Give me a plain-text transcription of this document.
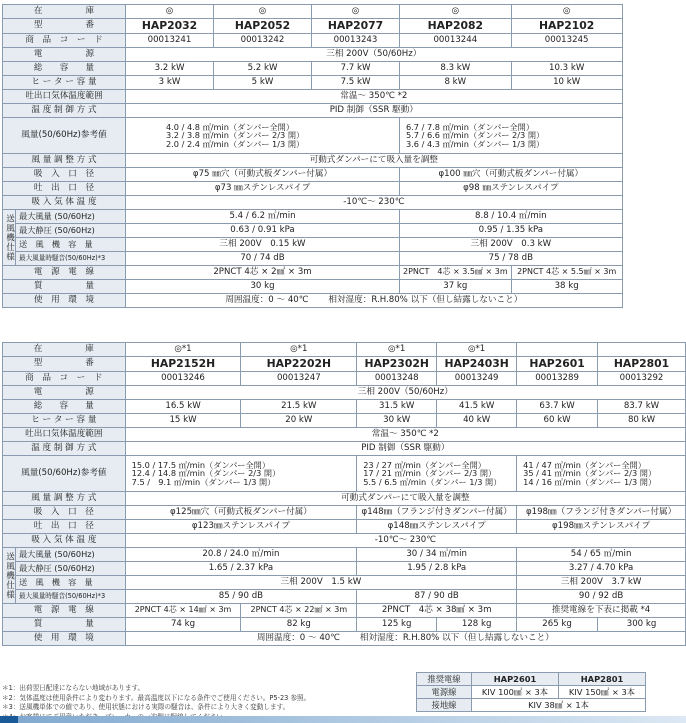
在　　　　　庫		◎	◎	◎	◎	◎
型　　　　　番		HAP2032	HAP2052	HAP2077	HAP2082	HAP2102
商　品　コ　ー　ド		00013241	00013242	00013243	00013244	00013245
電　　　　　源		三相 200V（50/60Hz）				
総　　容　　量		3.2 kW	5.2 kW	7.7 kW	8.3 kW	10.3 kW
ヒ ー タ ー 容 量		3 kW	5 kW	7.5 kW	8 kW	10 kW
吐出口気体温度範囲		常温～ 350℃ *2				
温 度 制 御 方 式		PID 制御（SSR 駆動）				
風量(50/60Hz)参考値		4.0 / 4.8 ㎥/min（ダンパー全開）
3.2 / 3.8 ㎥/min（ダンパー 2/3 開）
2.0 / 2.4 ㎥/min（ダンパー 1/3 開）			6.7 / 7.8 ㎥/min（ダンパー全開）
5.7 / 6.6 ㎥/min（ダンパー 2/3 開）
3.6 / 4.3 ㎥/min（ダンパー 1/3 開）	
風 量 調 整 方 式		可動式ダンパーにて吸入量を調整				
吸　入　口　径		φ75 ㎜穴（可動式板ダンパー付属）			φ100 ㎜穴（可動式板ダンパー付属）	
吐　出　口　径		φ73 ㎜ステンレスパイプ			φ98 ㎜ステンレスパイプ	
吸 入 気 体 温 度		-10℃～ 230℃				
送風機仕様	最大風量 (50/60Hz)	5.4 / 6.2 ㎥/min			8.8 / 10.4 ㎥/min	
	最大静圧 (50/60Hz)	0.63 / 0.91 kPa			0.95 / 1.35 kPa	
	送　風　機　容　量	三相 200V　0.15 kW			三相 200V　0.3 kW	
	最大風量時騒音(50/60Hz)*3	70 / 74 dB			75 / 78 dB	
電　源　電　線		2PNCT 4芯 × 2㎟ × 3m			2PNCT　4芯 × 3.5㎟ × 3m	2PNCT 4芯 × 5.5㎟ × 3m
質　　　　　量		30 kg			37 kg	38 kg
使　用　環　境		周囲温度：0 ～ 40℃　　 相対湿度：R.H.80% 以下（但し結露しないこと）				
在　　　　　庫		◎*1	◎*1	◎*1	◎*1		
型　　　　　番		HAP2152H	HAP2202H	HAP2302H	HAP2403H	HAP2601	HAP2801
商　品　コ　ー　ド		00013246	00013247	00013248	00013249	00013289	00013292
電　　　　　源		三相 200V（50/60Hz）					
総　　容　　量		16.5 kW	21.5 kW	31.5 kW	41.5 kW	63.7 kW	83.7 kW
ヒ ー タ ー 容 量		15 kW	20 kW	30 kW	40 kW	60 kW	80 kW
吐出口気体温度範囲		常温～ 350℃ *2					
温 度 制 御 方 式		PID 制御（SSR 駆動）					
風量(50/60Hz)参考値		15.0 / 17.5 ㎥/min（ダンパー全開）
12.4 / 14.8 ㎥/min（ダンパー 2/3 開）
7.5 /　9.1 ㎥/min（ダンパー 1/3 開）		23 / 27 ㎥/min（ダンパー全開）
17 / 21 ㎥/min（ダンパー 2/3 開）
5.5 / 6.5 ㎥/min（ダンパー 1/3 開）		41 / 47 ㎥/min（ダンパー全開）
35 / 41 ㎥/min（ダンパー 2/3 開）
14 / 16 ㎥/min（ダンパー 1/3 開）	
風 量 調 整 方 式		可動式ダンパーにて吸入量を調整					
吸　入　口　径		φ125㎜穴（可動式板ダンパー付属）		φ148㎜（フランジ付きダンパー付属）		φ198㎜（フランジ付きダンパー付属）	
吐　出　口　径		φ123㎜ステンレスパイプ		φ148㎜ステンレスパイプ		φ198㎜ステンレスパイプ	
吸 入 気 体 温 度		-10℃～ 230℃					
送風機仕様	最大風量 (50/60Hz)	20.8 / 24.0 ㎥/min		30 / 34 ㎥/min		54 / 65 ㎥/min	
	最大静圧 (50/60Hz)	1.65 / 2.37 kPa		1.95 / 2.8 kPa		3.27 / 4.70 kPa	
	送　風　機　容　量	三相 200V　1.5 kW				三相 200V　3.7 kW	
	最大風量時騒音(50/60Hz)*3	85 / 90 dB		87 / 90 dB		90 / 92 dB	
電　源　電　線		2PNCT 4芯 × 14㎟ × 3m	2PNCT 4芯 × 22㎟ × 3m	2PNCT　4芯 × 38㎟ × 3m		推奨電線を下表に掲載 *4	
質　　　　　量		74 kg	82 kg	125 kg	128 kg	265 kg	300 kg
使　用　環　境		周囲温度：0 ～ 40℃　　 相対湿度：R.H.80% 以下（但し結露しないこと）					
＊1：出荷翌日配達にならない地域があります。
＊2：気体温度は使用条件により変わります。最高温度以下になる条件でご使用ください。P5-23 参照。
＊3：送風機単体での値であり、使用状態における実際の騒音は、条件により大きく変動します。
推奨電線	HAP2601	HAP2801
電源線	KIV 100㎟ × 3本	KIV 150㎟ × 3本
接地線	KIV 38㎟ × 1本	
